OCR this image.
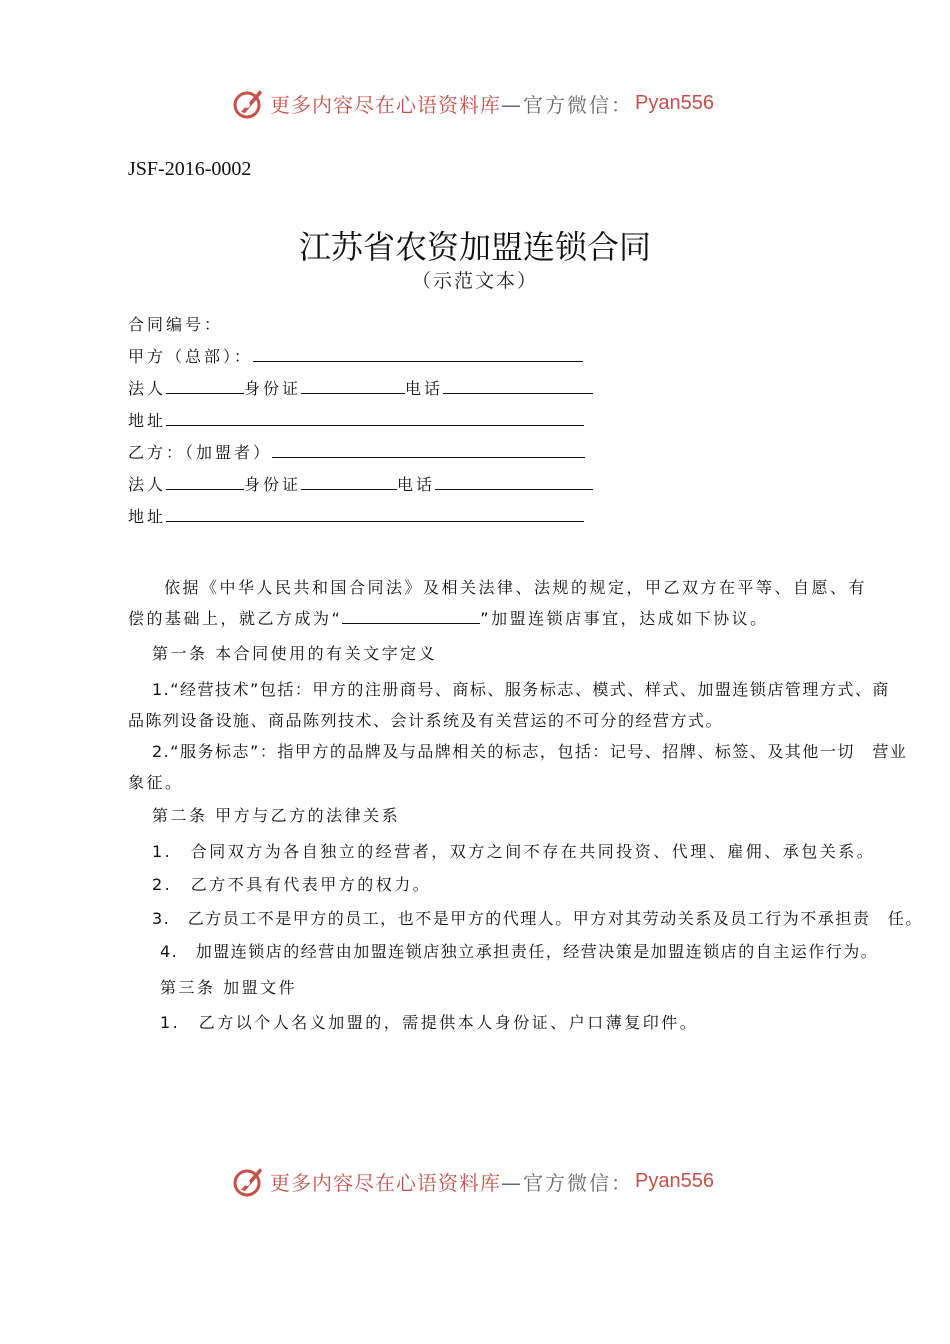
更多内容尽在心语资料库 —官方微信： Pyan556
JSF-2016-0002
江苏省农资加盟连锁合同
（示范文本）
合同编号：
甲方（总部）：
法人	身份证	电话
地址
乙方：（加盟者）
法人	身份证	电话
地址
依据《中华人民共和国合同法》及相关法律、法规的规定，甲乙双方在平等、自愿、有
偿的基础上，就乙方成为“	”加盟连锁店事宜，达成如下协议。
第一条 本合同使用的有关文字定义
1.“经营技术”包括：甲方的注册商号、商标、服务标志、模式、样式、加盟连锁店管理方式、商
品陈列设备设施、商品陈列技术、会计系统及有关营运的不可分的经营方式。
2.“服务标志”：指甲方的品牌及与品牌相关的标志，包括：记号、招牌、标签、及其他一切　营业
象征。
第二条 甲方与乙方的法律关系
1.　合同双方为各自独立的经营者，双方之间不存在共同投资、代理、雇佣、承包关系。
2.　乙方不具有代表甲方的权力。
3.　乙方员工不是甲方的员工，也不是甲方的代理人。甲方对其劳动关系及员工行为不承担责　任。
4.　加盟连锁店的经营由加盟连锁店独立承担责任，经营决策是加盟连锁店的自主运作行为。
第三条 加盟文件
1.　乙方以个人名义加盟的，需提供本人身份证、户口薄复印件。
更多内容尽在心语资料库 —官方微信： Pyan556
